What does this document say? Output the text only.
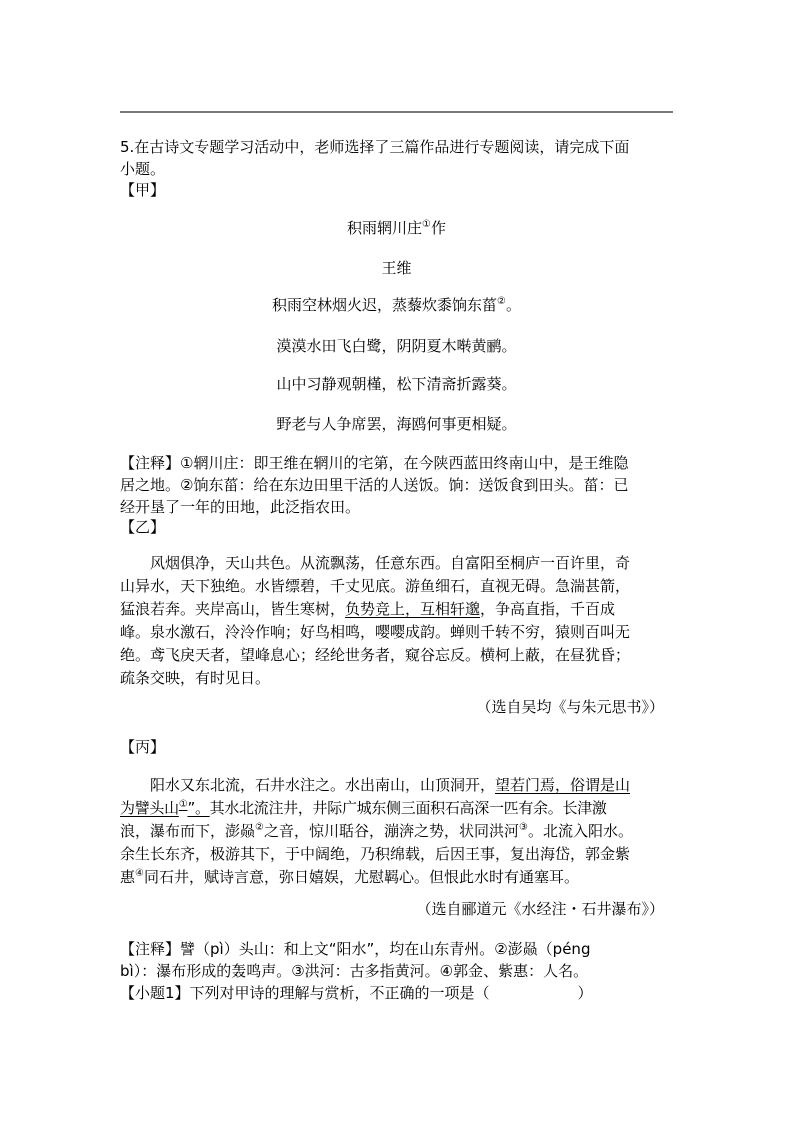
5.在古诗文专题学习活动中，老师选择了三篇作品进行专题阅读，请完成下面
小题。
【甲】
积雨辋川庄①作
王维
积雨空林烟火迟，蒸藜炊黍饷东菑②。
漠漠水田飞白鹭，阴阴夏木啭黄鹂。
山中习静观朝槿，松下清斋折露葵。
野老与人争席罢，海鸥何事更相疑。
【注释】①辋川庄：即王维在辋川的宅第，在今陕西蓝田终南山中，是王维隐
居之地。②饷东菑：给在东边田里干活的人送饭。饷：送饭食到田头。菑：已
经开垦了一年的田地，此泛指农田。
【乙】
风烟俱净，天山共色。从流飘荡，任意东西。自富阳至桐庐一百许里，奇
山异水，天下独绝。水皆缥碧，千丈见底。游鱼细石，直视无碍。急湍甚箭，
猛浪若奔。夹岸高山，皆生寒树，负势竞上，互相轩邈，争高直指，千百成
峰。泉水激石，泠泠作响；好鸟相鸣，嘤嘤成韵。蝉则千转不穷，猿则百叫无
绝。鸢飞戾天者，望峰息心；经纶世务者，窥谷忘反。横柯上蔽，在昼犹昏；
疏条交映，有时见日。
（选自吴均《与朱元思书》）
【丙】
阳水又东北流，石井水注之。水出南山，山顶洞开，望若门焉，俗谓是山
为譬头山①”。其水北流注井，井际广城东侧三面积石高深一匹有余。长津激
浪，瀑布而下，澎赑②之音，惊川聒谷，漰渀之势，状同洪河③。北流入阳水。
余生长东齐，极游其下，于中阔绝，乃积绵载，后因王事，复出海岱，郭金紫
惠④同石井，赋诗言意，弥日嬉娱，尤慰羁心。但恨此水时有通塞耳。
（选自郦道元《水经注・石井瀑布》）
【注释】譬（pì）头山：和上文“阳水”，均在山东青州。②澎赑（péng
bì）：瀑布形成的轰鸣声。③洪河：古多指黄河。④郭金、紫惠：人名。
【小题1】下列对甲诗的理解与赏析，不正确的一项是（	）
